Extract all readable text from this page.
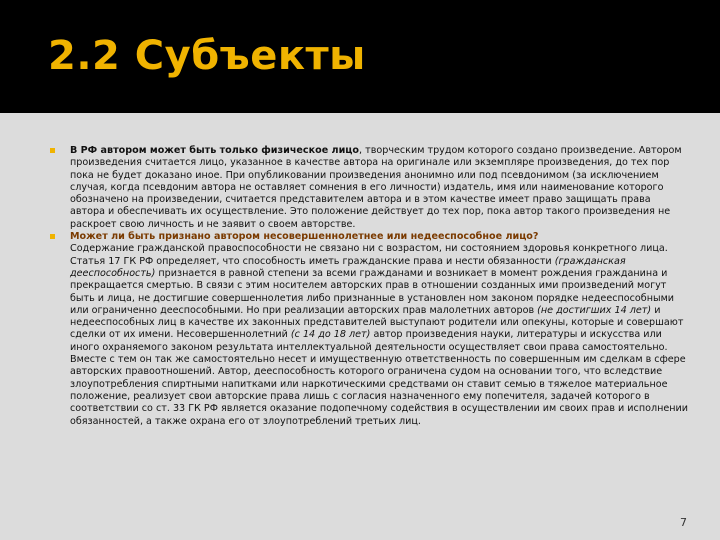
2.2 Субъекты
В РФ автором может быть только физическое лицо, творческим трудом которого создано произведение. Автором произведения считается лицо, указанное в качестве автора на оригинале или экземпляре произведения, до тех пор пока не будет доказано иное. При опубликовании произведения анонимно или под псевдонимом (за исключением случая, когда псевдоним автора не оставляет сомнения в его личности) издатель, имя или наименование которого обозначено на произведении, считается представителем автора и в этом качестве имеет право защищать права автора и обеспечивать их осуществление. Это положение действует до тех пор, пока автор такого произведения не раскроет свою личность и не заявит о своем авторстве.
Может ли быть признано автором несовершеннолетнее или недееспособное лицо?
Содержание гражданской правоспособности не связано ни с возрастом, ни состоянием здоровья конкретного лица. Статья 17 ГК РФ определяет, что способность иметь гражданские права и нести обязанности (гражданская дееспособность) признается в равной степени за всеми гражданами и возникает в момент рождения гражданина и прекращается смертью. В связи с этим носителем авторских прав в отношении созданных ими произведений могут быть и лица, не достигшие совершеннолетия либо признанные в установлен ном законом порядке недееспособными или ограниченно дееспособными. Но при реализации авторских прав малолетних авторов (не достигших 14 лет) и недееспособных лиц в качестве их законных представителей выступают родители или опекуны, которые и совершают сделки от их имени. Несовершеннолетний (с 14 до 18 лет) автор произведения науки, литературы и искусства или иного охраняемого законом результата интеллектуальной деятельности осуществляет свои права самостоятельно. Вместе с тем он так же самостоятельно несет и имущественную ответственность по совершенным им сделкам в сфере авторских правоотношений. Автор, дееспособность которого ограничена судом на основании того, что вследствие злоупотребления спиртными напитками или наркотическими средствами он ставит семью в тяжелое материальное положение, реализует свои авторские права лишь с согласия назначенного ему попечителя, задачей которого в соответствии со ст. 33 ГК РФ является оказание подопечному содействия в осуществлении им своих прав и исполнении обязанностей, а также охрана его от злоупотреблений третьих лиц.
7
